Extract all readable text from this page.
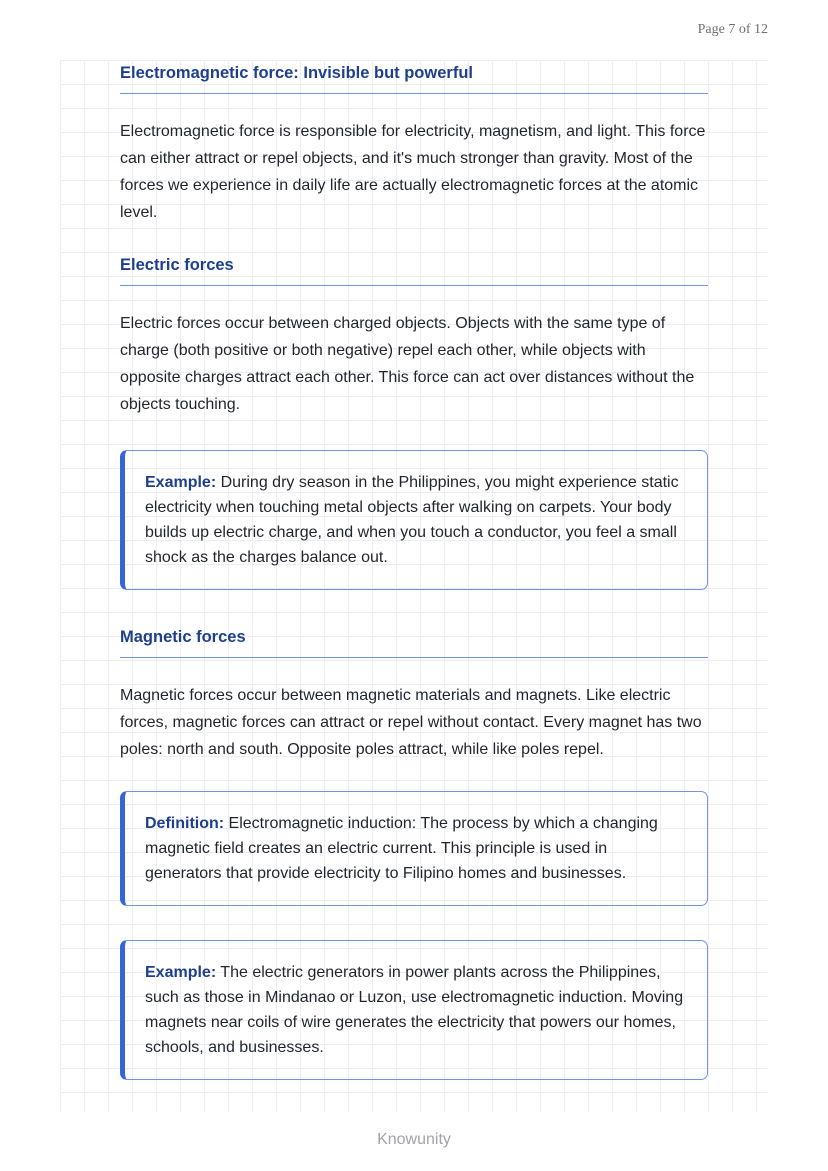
Page 7 of 12
Electromagnetic force: Invisible but powerful

Electromagnetic force is responsible for electricity, magnetism, and light. This force can either attract or repel objects, and it's much stronger than gravity. Most of the forces we experience in daily life are actually electromagnetic forces at the atomic level.

Electric forces

Electric forces occur between charged objects. Objects with the same type of charge (both positive or both negative) repel each other, while objects with opposite charges attract each other. This force can act over distances without the objects touching.

Example: During dry season in the Philippines, you might experience static electricity when touching metal objects after walking on carpets. Your body builds up electric charge, and when you touch a conductor, you feel a small shock as the charges balance out.
Magnetic forces

Magnetic forces occur between magnetic materials and magnets. Like electric forces, magnetic forces can attract or repel without contact. Every magnet has two poles: north and south. Opposite poles attract, while like poles repel.

Definition: Electromagnetic induction: The process by which a changing magnetic field creates an electric current. This principle is used in generators that provide electricity to Filipino homes and businesses.
Example: The electric generators in power plants across the Philippines, such as those in Mindanao or Luzon, use electromagnetic induction. Moving magnets near coils of wire generates the electricity that powers our homes, schools, and businesses.
Knowunity
